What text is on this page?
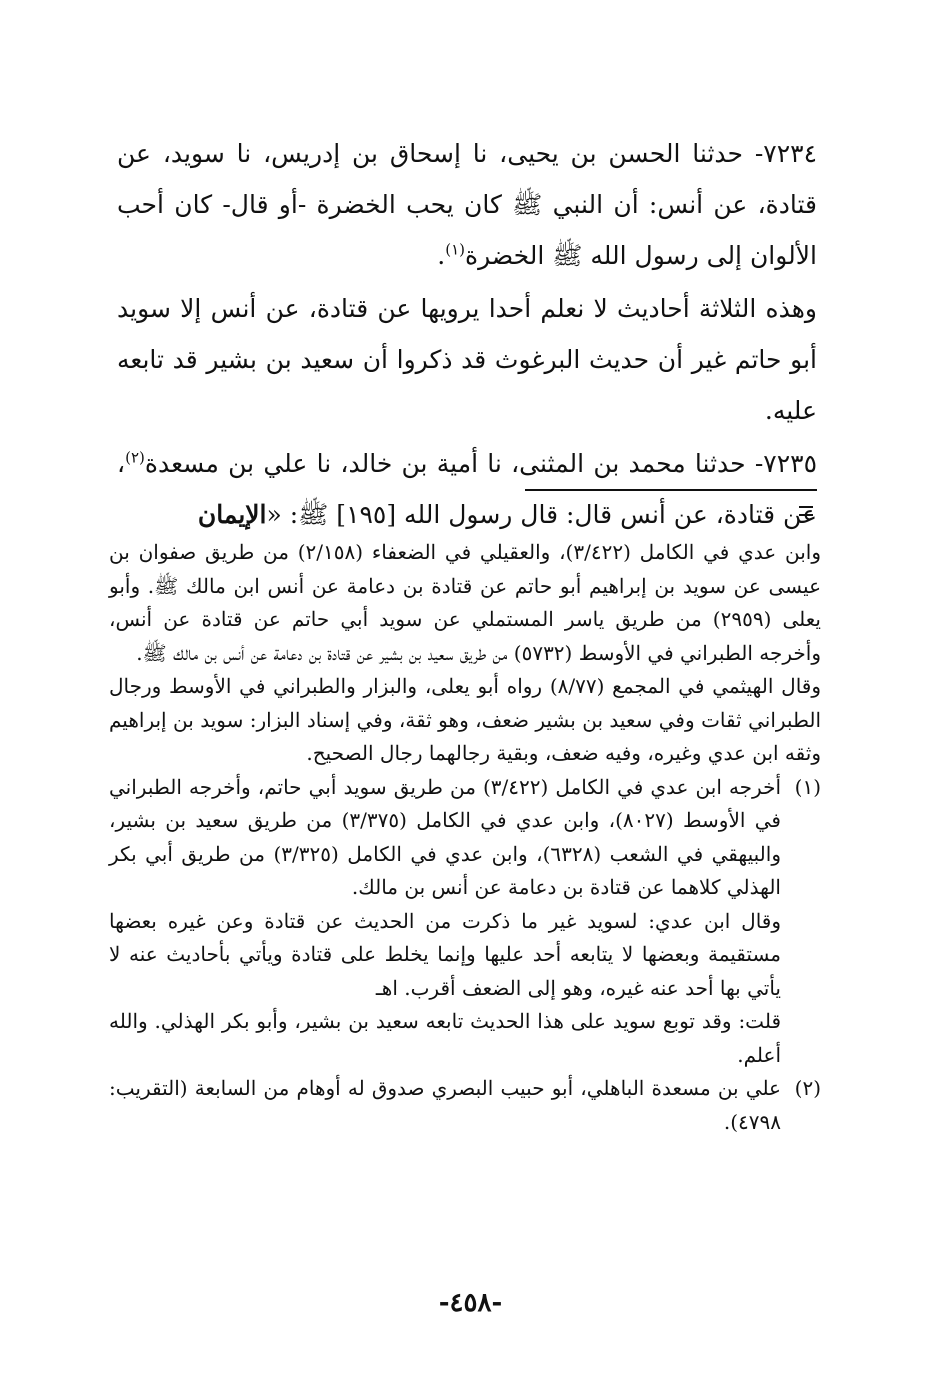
٧٢٣٤- حدثنا الحسن بن يحيى، نا إسحاق بن إدريس، نا سويد، عن قتادة، عن أنس: أن النبي ﷺ كان يحب الخضرة -أو قال- كان أحب الألوان إلى رسول الله ﷺ الخضرة$^{(١)}$.

وهذه الثلاثة أحاديث لا نعلم أحدا يرويها عن قتادة، عن أنس إلا سويد أبو حاتم غير أن حديث البرغوث قد ذكروا أن سعيد بن بشير قد تابعه عليه.

٧٢٣٥- حدثنا محمد بن المثنى، نا أمية بن خالد، نا علي بن مسعدة$^{(٢)}$، عن قتادة، عن أنس قال: قال رسول الله [١٩٥] ﷺ: «الإيمان

وابن عدي في الكامل (٣/٤٢٢)، والعقيلي في الضعفاء (٢/١٥٨) من طريق صفوان بن عيسى عن سويد بن إبراهيم أبو حاتم عن قتادة بن دعامة عن أنس ابن مالك ﷺ. وأبو يعلى (٢٩٥٩) من طريق ياسر المستملي عن سويد أبي حاتم عن قتادة عن أنس، وأخرجه الطبراني في الأوسط (٥٧٣٢) من طريق سعيد بن بشير عن قتادة بن دعامة عن أنس بن مالك ﷺ.

وقال الهيثمي في المجمع (٨/٧٧) رواه أبو يعلى، والبزار والطبراني في الأوسط ورجال الطبراني ثقات وفي سعيد بن بشير ضعف، وهو ثقة، وفي إسناد البزار: سويد بن إبراهيم وثقه ابن عدي وغيره، وفيه ضعف، وبقية رجالهما رجال الصحيح.

(١)

أخرجه ابن عدي في الكامل (٣/٤٢٢) من طريق سويد أبي حاتم، وأخرجه الطبراني في الأوسط (٨٠٢٧)، وابن عدي في الكامل (٣/٣٧٥) من طريق سعيد بن بشير، والبيهقي في الشعب (٦٣٢٨)، وابن عدي في الكامل (٣/٣٢٥) من طريق أبي بكر الهذلي كلاهما عن قتادة بن دعامة عن أنس بن مالك.

وقال ابن عدي: لسويد غير ما ذكرت من الحديث عن قتادة وعن غيره بعضها مستقيمة وبعضها لا يتابعه أحد عليها وإنما يخلط على قتادة ويأتي بأحاديث عنه لا يأتي بها أحد عنه غيره، وهو إلى الضعف أقرب. اهـ

قلت: وقد توبع سويد على هذا الحديث تابعه سعيد بن بشير، وأبو بكر الهذلي. والله أعلم.

(٢)

علي بن مسعدة الباهلي، أبو حبيب البصري صدوق له أوهام من السابعة (التقريب: ٤٧٩٨).

-٤٥٨-
